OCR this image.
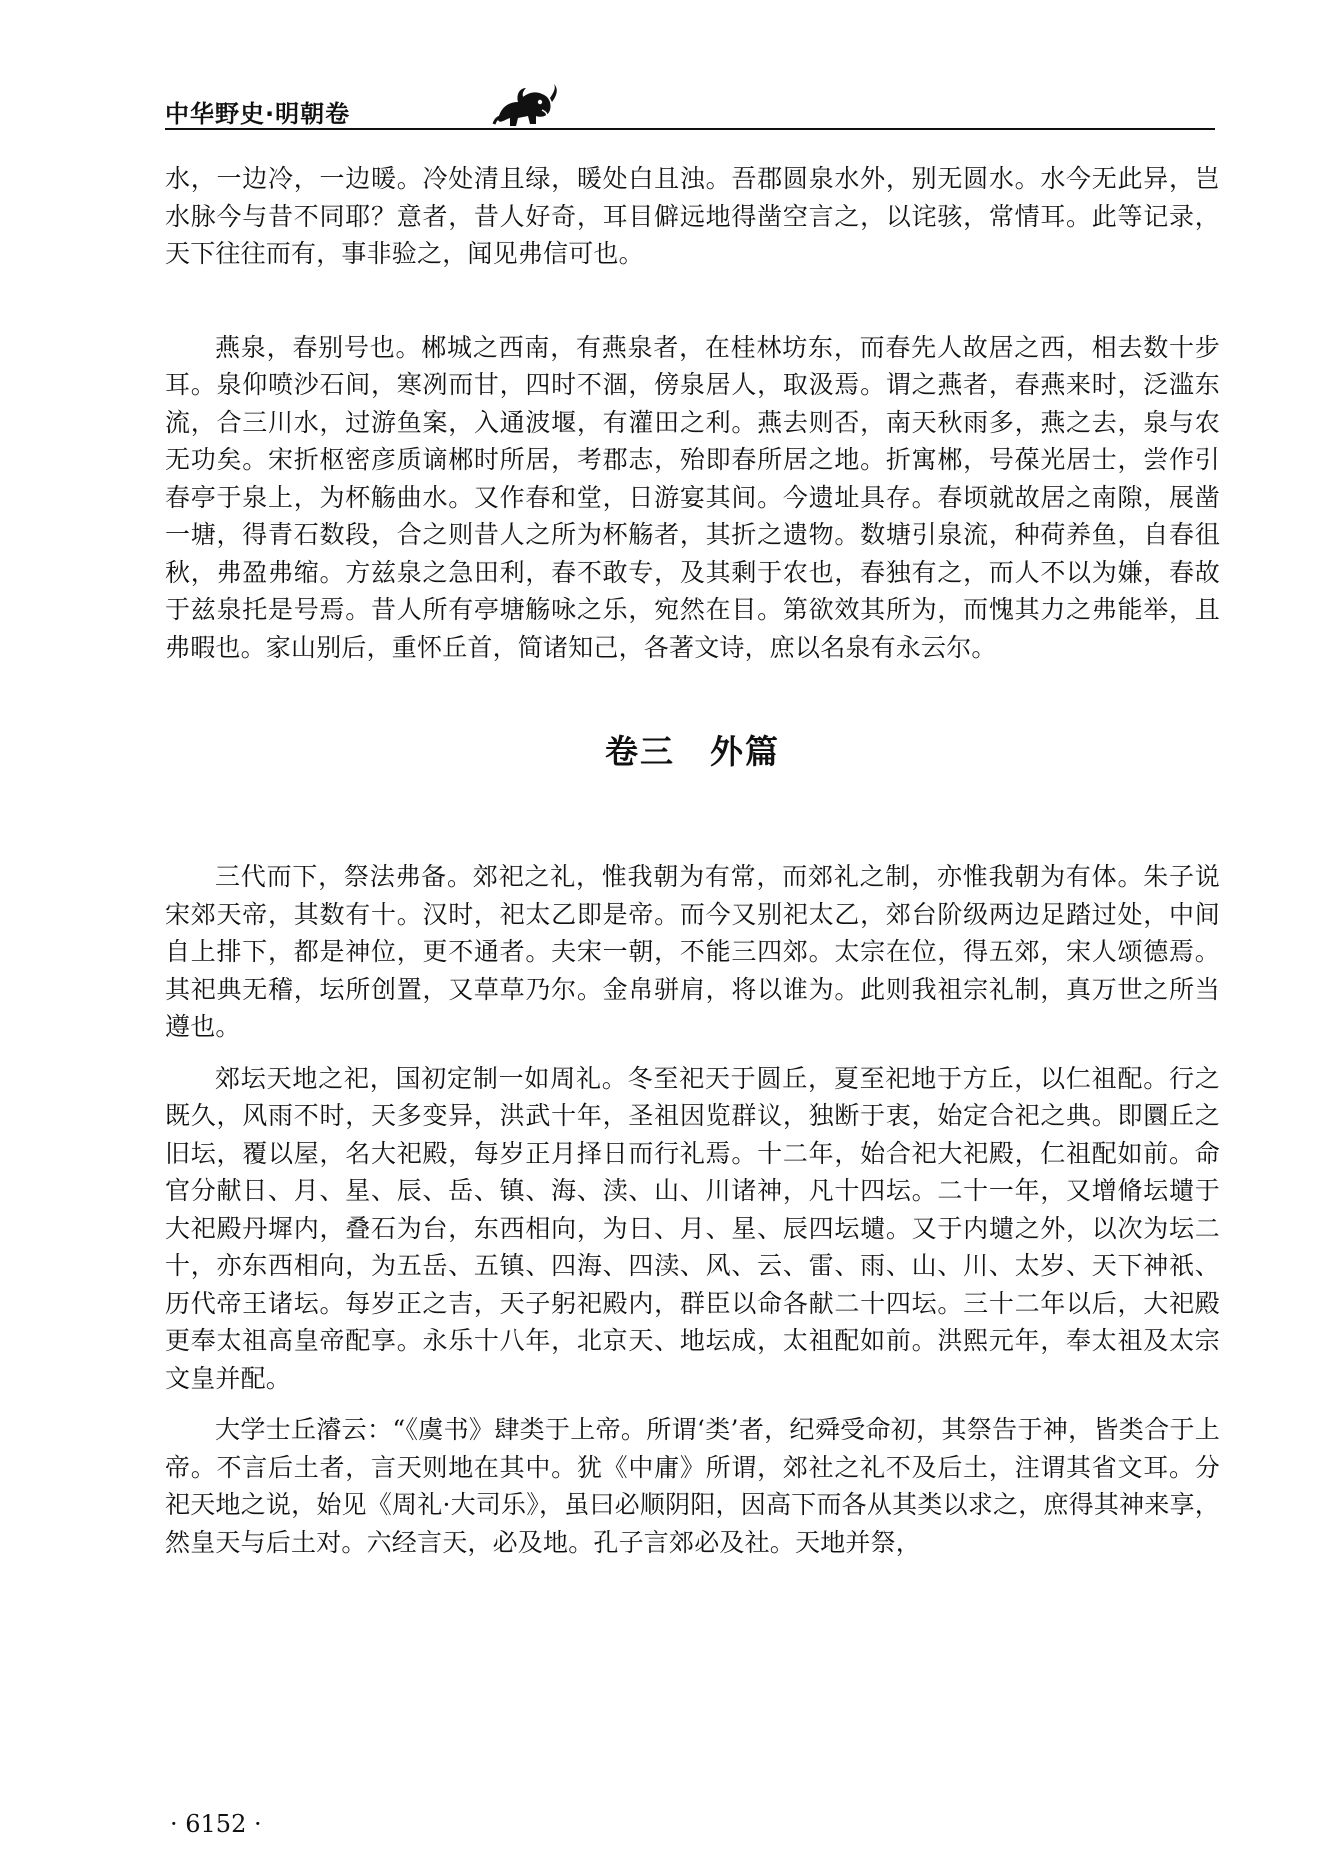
中华野史·明朝卷

水，一边冷，一边暖。冷处清且绿，暖处白且浊。吾郡圆泉水外，别无圆水。水今无此异，岂水脉今与昔不同耶？意者，昔人好奇，耳目僻远地得凿空言之，以诧骇，常情耳。此等记录，天下往往而有，事非验之，闻见弗信可也。

燕泉，春别号也。郴城之西南，有燕泉者，在桂林坊东，而春先人故居之西，相去数十步耳。泉仰喷沙石间，寒冽而甘，四时不涸，傍泉居人，取汲焉。谓之燕者，春燕来时，泛滥东流，合三川水，过游鱼案，入通波堰，有灌田之利。燕去则否，南天秋雨多，燕之去，泉与农无功矣。宋折枢密彦质谪郴时所居，考郡志，殆即春所居之地。折寓郴，号葆光居士，尝作引春亭于泉上，为杯觞曲水。又作春和堂，日游宴其间。今遗址具存。春顷就故居之南隙，展凿一塘，得青石数段，合之则昔人之所为杯觞者，其折之遗物。数塘引泉流，种荷养鱼，自春徂秋，弗盈弗缩。方兹泉之急田利，春不敢专，及其剩于农也，春独有之，而人不以为嫌，春故于兹泉托是号焉。昔人所有亭塘觞咏之乐，宛然在目。第欲效其所为，而愧其力之弗能举，且弗暇也。家山别后，重怀丘首，简诸知己，各著文诗，庶以名泉有永云尔。

卷三　外篇

三代而下，祭法弗备。郊祀之礼，惟我朝为有常，而郊礼之制，亦惟我朝为有体。朱子说宋郊天帝，其数有十。汉时，祀太乙即是帝。而今又别祀太乙，郊台阶级两边足踏过处，中间自上排下，都是神位，更不通者。夫宋一朝，不能三四郊。太宗在位，得五郊，宋人颂德焉。其祀典无稽，坛所创置，又草草乃尔。金帛骈肩，将以谁为。此则我祖宗礼制，真万世之所当遵也。

郊坛天地之祀，国初定制一如周礼。冬至祀天于圆丘，夏至祀地于方丘，以仁祖配。行之既久，风雨不时，天多变异，洪武十年，圣祖因览群议，独断于衷，始定合祀之典。即圜丘之旧坛，覆以屋，名大祀殿，每岁正月择日而行礼焉。十二年，始合祀大祀殿，仁祖配如前。命官分献日、月、星、辰、岳、镇、海、渎、山、川诸神，凡十四坛。二十一年，又增脩坛壝于大祀殿丹墀内，叠石为台，东西相向，为日、月、星、辰四坛壝。又于内壝之外，以次为坛二十，亦东西相向，为五岳、五镇、四海、四渎、风、云、雷、雨、山、川、太岁、天下神祇、历代帝王诸坛。每岁正之吉，天子躬祀殿内，群臣以命各献二十四坛。三十二年以后，大祀殿更奉太祖高皇帝配享。永乐十八年，北京天、地坛成，太祖配如前。洪熙元年，奉太祖及太宗文皇并配。

大学士丘濬云：“《虞书》肆类于上帝。所谓‘类’者，纪舜受命初，其祭告于神，皆类合于上帝。不言后土者，言天则地在其中。犹《中庸》所谓，郊社之礼不及后土，注谓其省文耳。分祀天地之说，始见《周礼·大司乐》，虽曰必顺阴阳，因高下而各从其类以求之，庶得其神来享，然皇天与后土对。六经言天，必及地。孔子言郊必及社。天地并祭，

· 6152 ·
